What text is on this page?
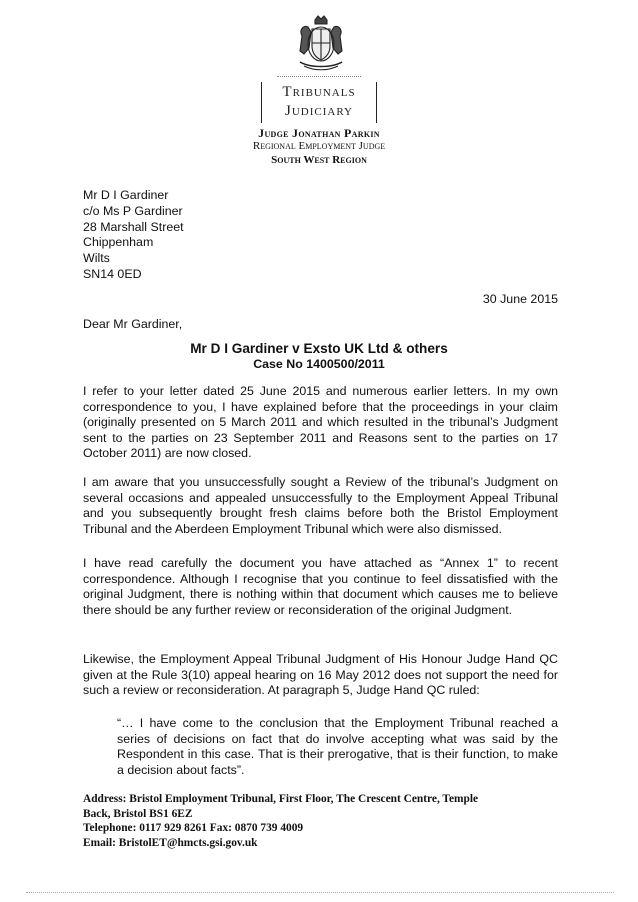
Tribunals
Judiciary
Judge Jonathan Parkin
Regional Employment Judge
South West Region
Mr D I Gardiner
c/o Ms P Gardiner
28 Marshall Street
Chippenham
Wilts
SN14 0ED
30 June 2015
Dear Mr Gardiner,
Mr D I Gardiner v Exsto UK Ltd & others
Case No 1400500/2011
I refer to your letter dated 25 June 2015 and numerous earlier letters. In my own correspondence to you, I have explained before that the proceedings in your claim (originally presented on 5 March 2011 and which resulted in the tribunal’s Judgment sent to the parties on 23 September 2011 and Reasons sent to the parties on 17 October 2011) are now closed.
I am aware that you unsuccessfully sought a Review of the tribunal’s Judgment on several occasions and appealed unsuccessfully to the Employment Appeal Tribunal and you subsequently brought fresh claims before both the Bristol Employment Tribunal and the Aberdeen Employment Tribunal which were also dismissed.
I have read carefully the document you have attached as “Annex 1” to recent correspondence. Although I recognise that you continue to feel dissatisfied with the original Judgment, there is nothing within that document which causes me to believe there should be any further review or reconsideration of the original Judgment.
Likewise, the Employment Appeal Tribunal Judgment of His Honour Judge Hand QC given at the Rule 3(10) appeal hearing on 16 May 2012 does not support the need for such a review or reconsideration. At paragraph 5, Judge Hand QC ruled:
“… I have come to the conclusion that the Employment Tribunal reached a series of decisions on fact that do involve accepting what was said by the Respondent in this case. That is their prerogative, that is their function, to make a decision about facts”.
Address: Bristol Employment Tribunal, First Floor, The Crescent Centre, Temple
Back, Bristol BS1 6EZ
Telephone: 0117 929 8261 Fax: 0870 739 4009
Email: BristolET@hmcts.gsi.gov.uk
